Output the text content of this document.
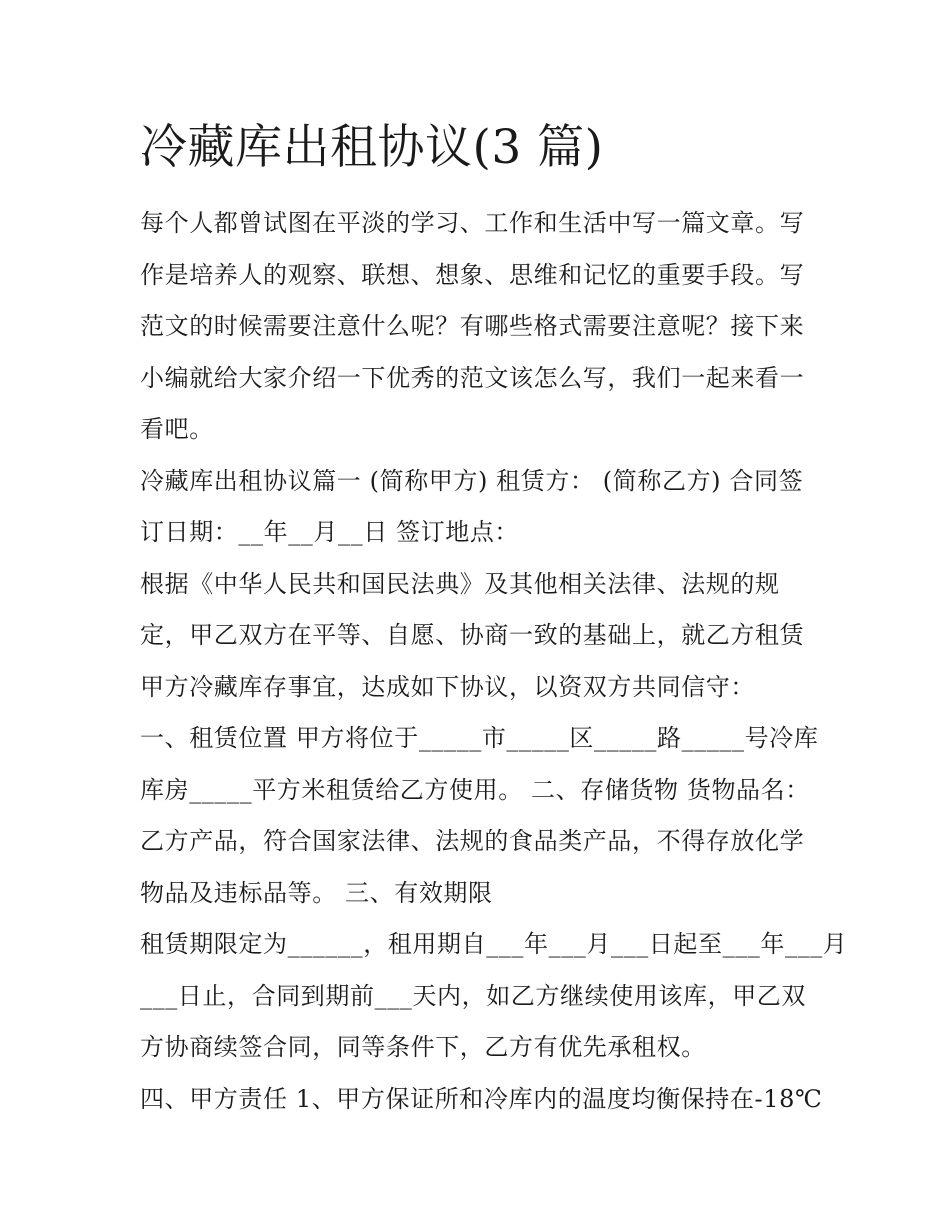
冷藏库出租协议(3 篇)
每个人都曾试图在平淡的学习、工作和生活中写一篇文章。写
作是培养人的观察、联想、想象、思维和记忆的重要手段。写
范文的时候需要注意什么呢？有哪些格式需要注意呢？接下来
小编就给大家介绍一下优秀的范文该怎么写，我们一起来看一
看吧。
冷藏库出租协议篇一 (简称甲方) 租赁方： (简称乙方) 合同签
订日期：__年__月__日 签订地点：
根据《中华人民共和国民法典》及其他相关法律、法规的规
定，甲乙双方在平等、自愿、协商一致的基础上，就乙方租赁
甲方冷藏库存事宜，达成如下协议，以资双方共同信守：
一、租赁位置 甲方将位于_____市_____区_____路_____号冷库
库房_____平方米租赁给乙方使用。 二、存储货物 货物品名：
乙方产品，符合国家法律、法规的食品类产品，不得存放化学
物品及违标品等。 三、有效期限
租赁期限定为______，租用期自___年___月___日起至___年___月
___日止，合同到期前___天内，如乙方继续使用该库，甲乙双
方协商续签合同，同等条件下，乙方有优先承租权。
四、甲方责任 1、甲方保证所和冷库内的温度均衡保持在-18℃
